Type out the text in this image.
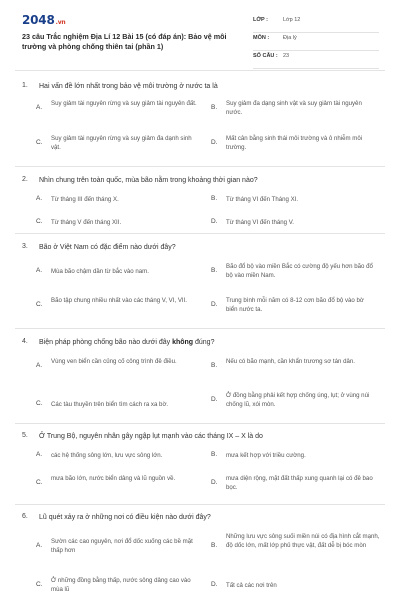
2048.vn
23 câu Trắc nghiệm Địa Lí 12 Bài 15 (có đáp án): Bảo vệ môi trường và phòng chống thiên tai (phần 1)
LỚP :	Lớp 12
MÔN :	Địa lý
SỐ CÂU : 23
1. Hai vấn đề lớn nhất trong bảo vệ môi trường ở nước ta là
A.
Suy giảm tài nguyên rừng và suy giảm tài nguyên đất.
B.
Suy giảm đa dạng sinh vật và suy giảm tài nguyên nước.
C.
Suy giảm tài nguyên rừng và suy giảm đa dạnh sinh vật.
D.
Mất cân bằng sinh thái môi trường và ô nhiễm môi trường.
2. Nhìn chung trên toàn quốc, mùa bão nằm trong khoảng thời gian nào?
A. Từ tháng III đến tháng X.	B. Từ tháng VI đến Tháng XI.
C. Từ tháng V đến tháng XII.	D. Từ tháng VI đến tháng V.
3. Bão ở Việt Nam có đặc điểm nào dưới đây?
A. Mùa bão chậm dần từ bắc vào nam.	B.
Bão đổ bộ vào miền Bắc có cường độ yếu hơn bão đổ bộ vào miền Nam.
C.
Bão tập chung nhiều nhất vào các tháng V, VI, VII.
D.
Trung bình mỗi năm có 8-12 cơn bão đổ bộ vào bờ biển nước ta.
4. Biện pháp phòng chống bão nào dưới đây không đúng?
A.
Vùng ven biển cần củng cố công trình đê điều.
B.
Nếu có bão mạnh, cần khẩn trương sơ tán dân.
C. Các tàu thuyền trên biển tìm cách ra xa bờ.
D.
Ở đồng bằng phải kết hợp chống úng, lụt; ở vùng núi chống lũ, xói mòn.
5. Ở Trung Bộ, nguyên nhân gây ngập lụt mạnh vào các tháng IX – X là do
A. các hệ thống sông lớn, lưu vực sông lớn.	B. mưa kết hợp với triều cường.
C.
mưa bão lớn, nước biển dâng và lũ nguồn về.
D.
mưa diện rộng, mặt đất thấp xung quanh lại có đê bao bọc.
6. Lũ quét xảy ra ở những nơi có điều kiện nào dưới đây?
A.
Sườn các cao nguyên, nơi đổ dốc xuống các bề mặt thấp hơn
B.
Những lưu vực sông suối miền núi có địa hình cắt mạnh, độ dốc lớn, mất lớp phủ thực vật, đất dễ bị bóc mòn
C.
Ở những đồng bằng thấp, nước sông dâng cao vào mùa lũ
D. Tất cả các nơi trên
